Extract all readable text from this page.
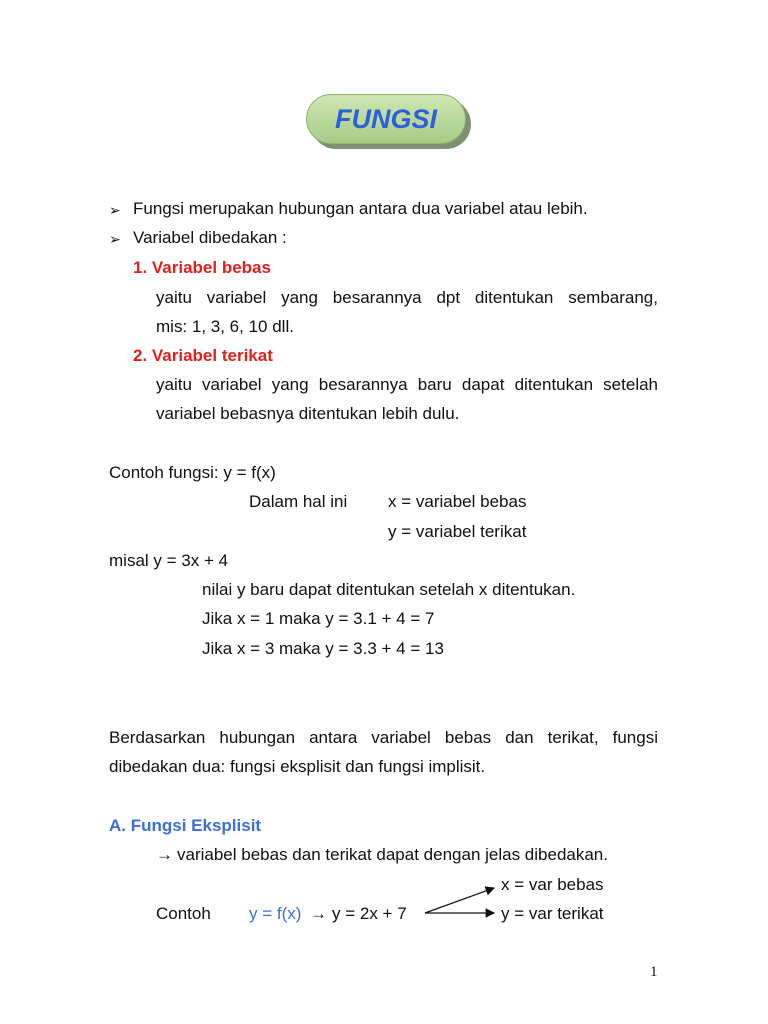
FUNGSI
➢ Fungsi merupakan hubungan antara dua variabel atau lebih.
➢ Variabel dibedakan :
1. Variabel bebas
yaitu variabel yang besarannya dpt ditentukan sembarang,
mis: 1, 3, 6, 10 dll.
2. Variabel terikat
yaitu variabel yang besarannya baru dapat ditentukan setelah
variabel bebasnya ditentukan lebih dulu.
Contoh fungsi: y = f(x)
Dalam hal ini x = variabel bebas
y = variabel terikat
misal y = 3x + 4
nilai y baru dapat ditentukan setelah x ditentukan.
Jika x = 1 maka y = 3.1 + 4 = 7
Jika x = 3 maka y = 3.3 + 4 = 13
Berdasarkan hubungan antara variabel bebas dan terikat, fungsi
dibedakan dua: fungsi eksplisit dan fungsi implisit.
A. Fungsi Eksplisit
→ variabel bebas dan terikat dapat dengan jelas dibedakan.
x = var bebas
Contoh y = f(x) → y = 2x + 7	y = var terikat
1
